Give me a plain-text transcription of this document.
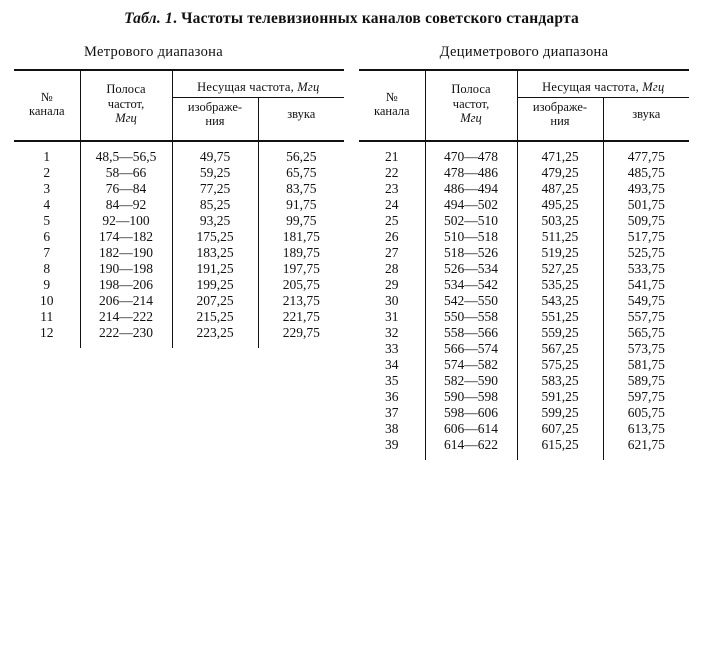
Табл. 1. Частоты телевизионных каналов советского стандарта
Метрового диапазона

№
канала	Полоса
частот,
Мгц	Несущая частота, Мгц	
		изображе-
ния	звука

1	48,5—56,5	49,75	56,25
2	58—66	59,25	65,75
3	76—84	77,25	83,75
4	84—92	85,25	91,75
5	92—100	93,25	99,75
6	174—182	175,25	181,75
7	182—190	183,25	189,75
8	190—198	191,25	197,75
9	198—206	199,25	205,75
10	206—214	207,25	213,75
11	214—222	215,25	221,75
12	222—230	223,25	229,75

Дециметрового диапазона

№
канала	Полоса
частот,
Мгц	Несущая частота, Мгц	
		изображе-
ния	звука

21	470—478	471,25	477,75
22	478—486	479,25	485,75
23	486—494	487,25	493,75
24	494—502	495,25	501,75
25	502—510	503,25	509,75
26	510—518	511,25	517,75
27	518—526	519,25	525,75
28	526—534	527,25	533,75
29	534—542	535,25	541,75
30	542—550	543,25	549,75
31	550—558	551,25	557,75
32	558—566	559,25	565,75
33	566—574	567,25	573,75
34	574—582	575,25	581,75
35	582—590	583,25	589,75
36	590—598	591,25	597,75
37	598—606	599,25	605,75
38	606—614	607,25	613,75
39	614—622	615,25	621,75
